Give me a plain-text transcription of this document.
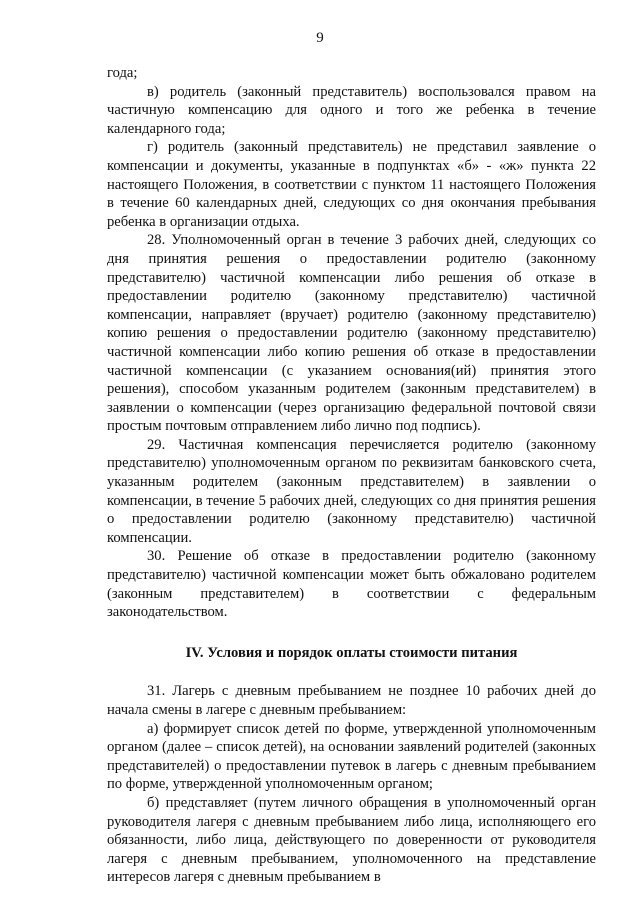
9

года;

в) родитель (законный представитель) воспользовался правом на частичную компенсацию для одного и того же ребенка в течение календарного года;

г) родитель (законный представитель) не представил заявление о компенсации и документы, указанные в подпунктах «б» - «ж» пункта 22 настоящего Положения, в соответствии с пунктом 11 настоящего Положения в течение 60 календарных дней, следующих со дня окончания пребывания ребенка в организации отдыха.

28. Уполномоченный орган в течение 3 рабочих дней, следующих со дня принятия решения о предоставлении родителю (законному представителю) частичной компенсации либо решения об отказе в предоставлении родителю (законному представителю) частичной компенсации, направляет (вручает) родителю (законному представителю) копию решения о предоставлении родителю (законному представителю) частичной компенсации либо копию решения об отказе в предоставлении частичной компенсации (с указанием основания(ий) принятия этого решения), способом указанным родителем (законным представителем) в заявлении о компенсации (через организацию федеральной почтовой связи простым почтовым отправлением либо лично под подпись).

29. Частичная компенсация перечисляется родителю (законному представителю) уполномоченным органом по реквизитам банковского счета, указанным родителем (законным представителем) в заявлении о компенсации, в течение 5 рабочих дней, следующих со дня принятия решения о предоставлении родителю (законному представителю) частичной компенсации.

30. Решение об отказе в предоставлении родителю (законному представителю) частичной компенсации может быть обжаловано родителем (законным представителем) в соответствии с федеральным законодательством.

IV. Условия и порядок оплаты стоимости питания

31. Лагерь с дневным пребыванием не позднее 10 рабочих дней до начала смены в лагере с дневным пребыванием:

а) формирует список детей по форме, утвержденной уполномоченным органом (далее – список детей), на основании заявлений родителей (законных представителей) о предоставлении путевок в лагерь с дневным пребыванием по форме, утвержденной уполномоченным органом;

б) представляет (путем личного обращения в уполномоченный орган руководителя лагеря с дневным пребыванием либо лица, исполняющего его обязанности, либо лица, действующего по доверенности от руководителя лагеря с дневным пребыванием, уполномоченного на представление интересов лагеря с дневным пребыванием в
